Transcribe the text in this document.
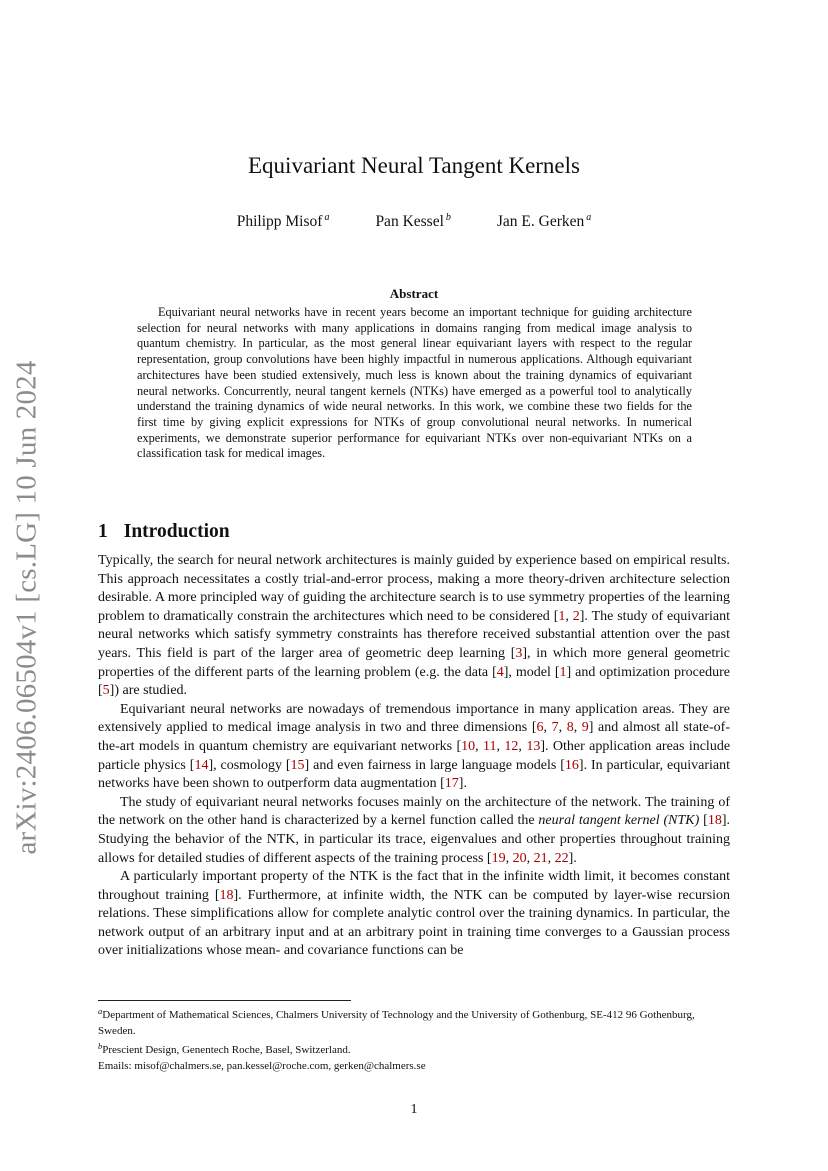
arXiv:2406.06504v1 [cs.LG] 10 Jun 2024
Equivariant Neural Tangent Kernels
Philipp Misof $^a$	Pan Kessel $^b$	Jan E. Gerken $^a$
Abstract

Equivariant neural networks have in recent years become an important technique for guiding architecture selection for neural networks with many applications in domains ranging from medical image analysis to quantum chemistry. In particular, as the most general linear equivariant layers with respect to the regular representation, group convolutions have been highly impactful in numerous applications. Although equivariant architectures have been studied extensively, much less is known about the training dynamics of equivariant neural networks. Concurrently, neural tangent kernels (NTKs) have emerged as a powerful tool to analytically understand the training dynamics of wide neural networks. In this work, we combine these two fields for the first time by giving explicit expressions for NTKs of group convolutional neural networks. In numerical experiments, we demonstrate superior performance for equivariant NTKs over non-equivariant NTKs on a classification task for medical images.

1 Introduction

Typically, the search for neural network architectures is mainly guided by experience based on empirical results. This approach necessitates a costly trial-and-error process, making a more theory-driven architecture selection desirable. A more principled way of guiding the architecture search is to use symmetry properties of the learning problem to dramatically constrain the architectures which need to be considered [1, 2]. The study of equivariant neural networks which satisfy symmetry constraints has therefore received substantial attention over the past years. This field is part of the larger area of geometric deep learning [3], in which more general geometric properties of the different parts of the learning problem (e.g. the data [4], model [1] and optimization procedure [5]) are studied.

Equivariant neural networks are nowadays of tremendous importance in many application areas. They are extensively applied to medical image analysis in two and three dimensions [6, 7, 8, 9] and almost all state-of-the-art models in quantum chemistry are equivariant networks [10, 11, 12, 13]. Other application areas include particle physics [14], cosmology [15] and even fairness in large language models [16]. In particular, equivariant networks have been shown to outperform data augmentation [17].

The study of equivariant neural networks focuses mainly on the architecture of the network. The training of the network on the other hand is characterized by a kernel function called the neural tangent kernel (NTK) [18]. Studying the behavior of the NTK, in particular its trace, eigenvalues and other properties throughout training allows for detailed studies of different aspects of the training process [19, 20, 21, 22].

A particularly important property of the NTK is the fact that in the infinite width limit, it becomes constant throughout training [18]. Furthermore, at infinite width, the NTK can be computed by layer-wise recursion relations. These simplifications allow for complete analytic control over the training dynamics. In particular, the network output of an arbitrary input and at an arbitrary point in training time converges to a Gaussian process over initializations whose mean- and covariance functions can be

$^a$Department of Mathematical Sciences, Chalmers University of Technology and the University of Gothenburg, SE-412 96 Gothenburg, Sweden.

$^b$Prescient Design, Genentech Roche, Basel, Switzerland.

Emails: misof@chalmers.se, pan.kessel@roche.com, gerken@chalmers.se

1
